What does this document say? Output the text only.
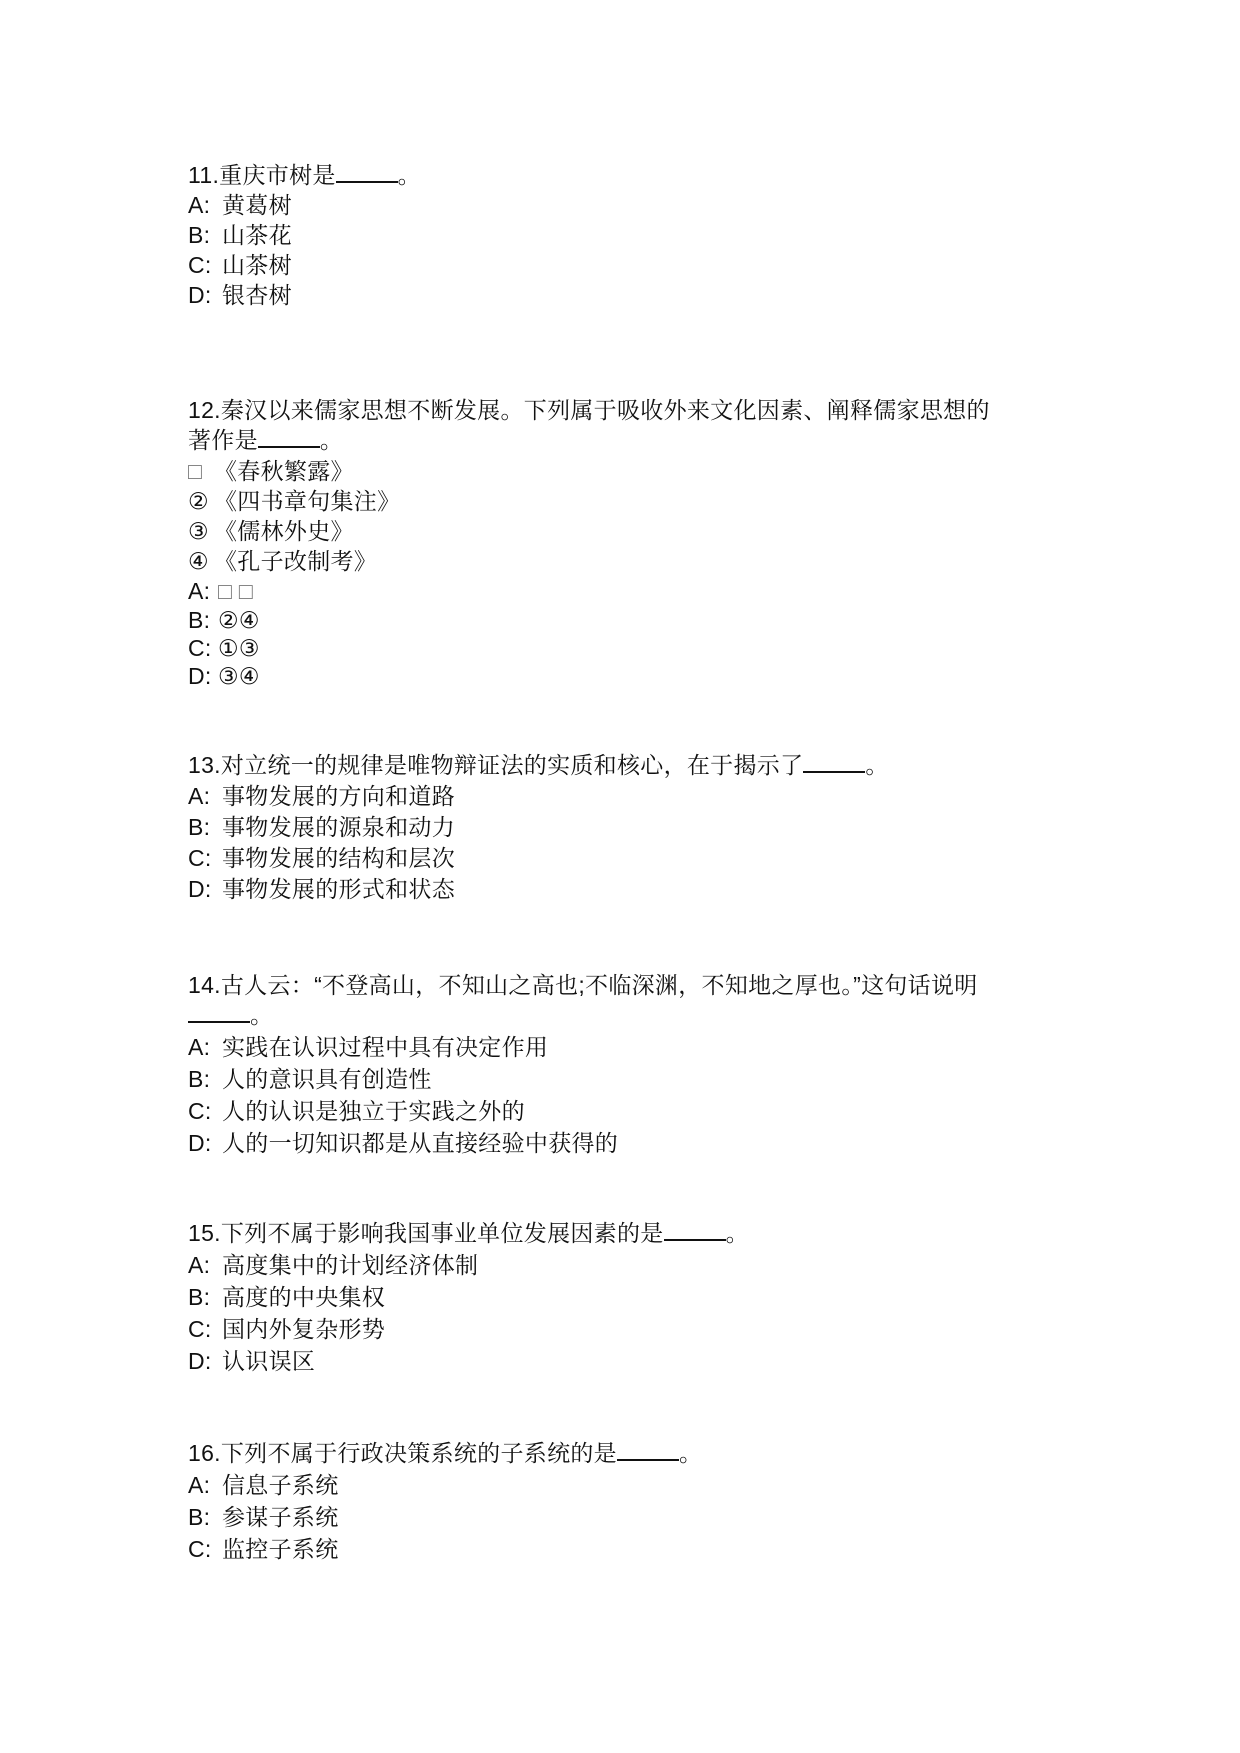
11.重庆市树是	。
A: 黄葛树
B: 山茶花
C: 山茶树
D: 银杏树
12.秦汉以来儒家思想不断发展。下列属于吸收外来文化因素、阐释儒家思想的
著作是	。
□ 《春秋繁露》
② 《四书章句集注》
③ 《儒林外史》
④ 《孔子改制考》
A: □ □
B: ②④
C: ①③
D: ③④
13.对立统一的规律是唯物辩证法的实质和核心，在于揭示了	。
A: 事物发展的方向和道路
B: 事物发展的源泉和动力
C: 事物发展的结构和层次
D: 事物发展的形式和状态
14.古人云：“不登高山，不知山之高也;不临深渊，不知地之厚也。”这句话说明
。
A: 实践在认识过程中具有决定作用
B: 人的意识具有创造性
C: 人的认识是独立于实践之外的
D: 人的一切知识都是从直接经验中获得的
15.下列不属于影响我国事业单位发展因素的是	。
A: 高度集中的计划经济体制
B: 高度的中央集权
C: 国内外复杂形势
D: 认识误区
16.下列不属于行政决策系统的子系统的是	。
A: 信息子系统
B: 参谋子系统
C: 监控子系统
